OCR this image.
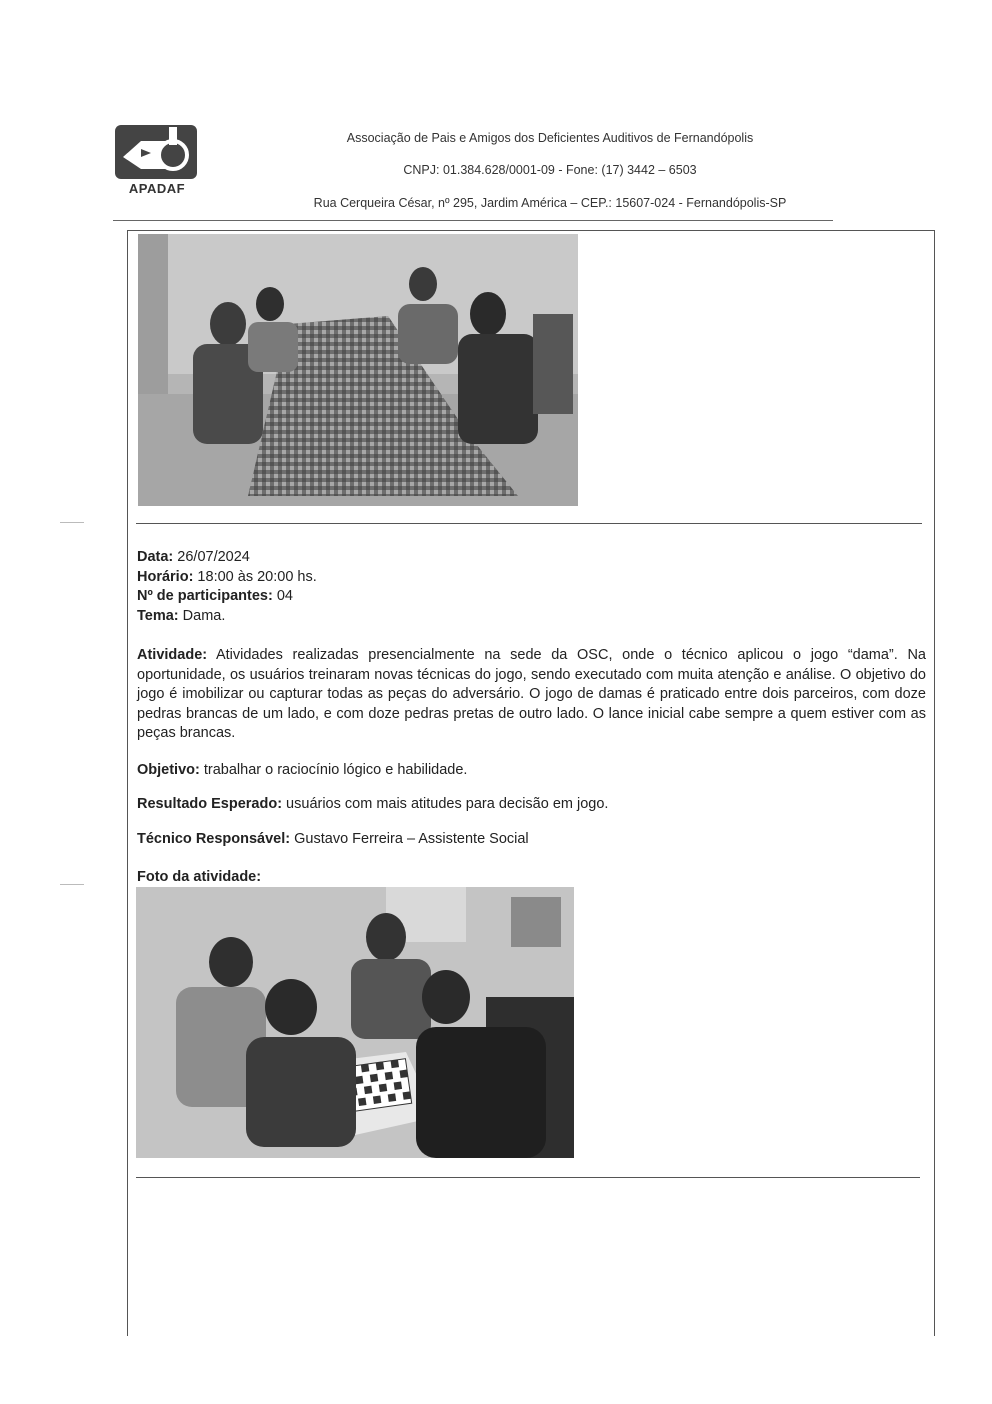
APADAF
Associação de Pais e Amigos dos Deficientes Auditivos de Fernandópolis
CNPJ: 01.384.628/0001-09 - Fone: (17) 3442 – 6503
Rua Cerqueira César, nº 295, Jardim América – CEP.: 15607-024 - Fernandópolis-SP
Data: 26/07/2024
Horário: 18:00 às 20:00 hs.
Nº de participantes: 04
Tema: Dama.
Atividade: Atividades realizadas presencialmente na sede da OSC, onde o técnico aplicou o jogo “dama”. Na oportunidade, os usuários treinaram novas técnicas do jogo, sendo executado com muita atenção e análise. O objetivo do jogo é imobilizar ou capturar todas as peças do adversário. O jogo de damas é praticado entre dois parceiros, com doze pedras brancas de um lado, e com doze pedras pretas de outro lado. O lance inicial cabe sempre a quem estiver com as peças brancas.
Objetivo: trabalhar o raciocínio lógico e habilidade.
Resultado Esperado: usuários com mais atitudes para decisão em jogo.
Técnico Responsável: Gustavo Ferreira – Assistente Social
Foto da atividade:
